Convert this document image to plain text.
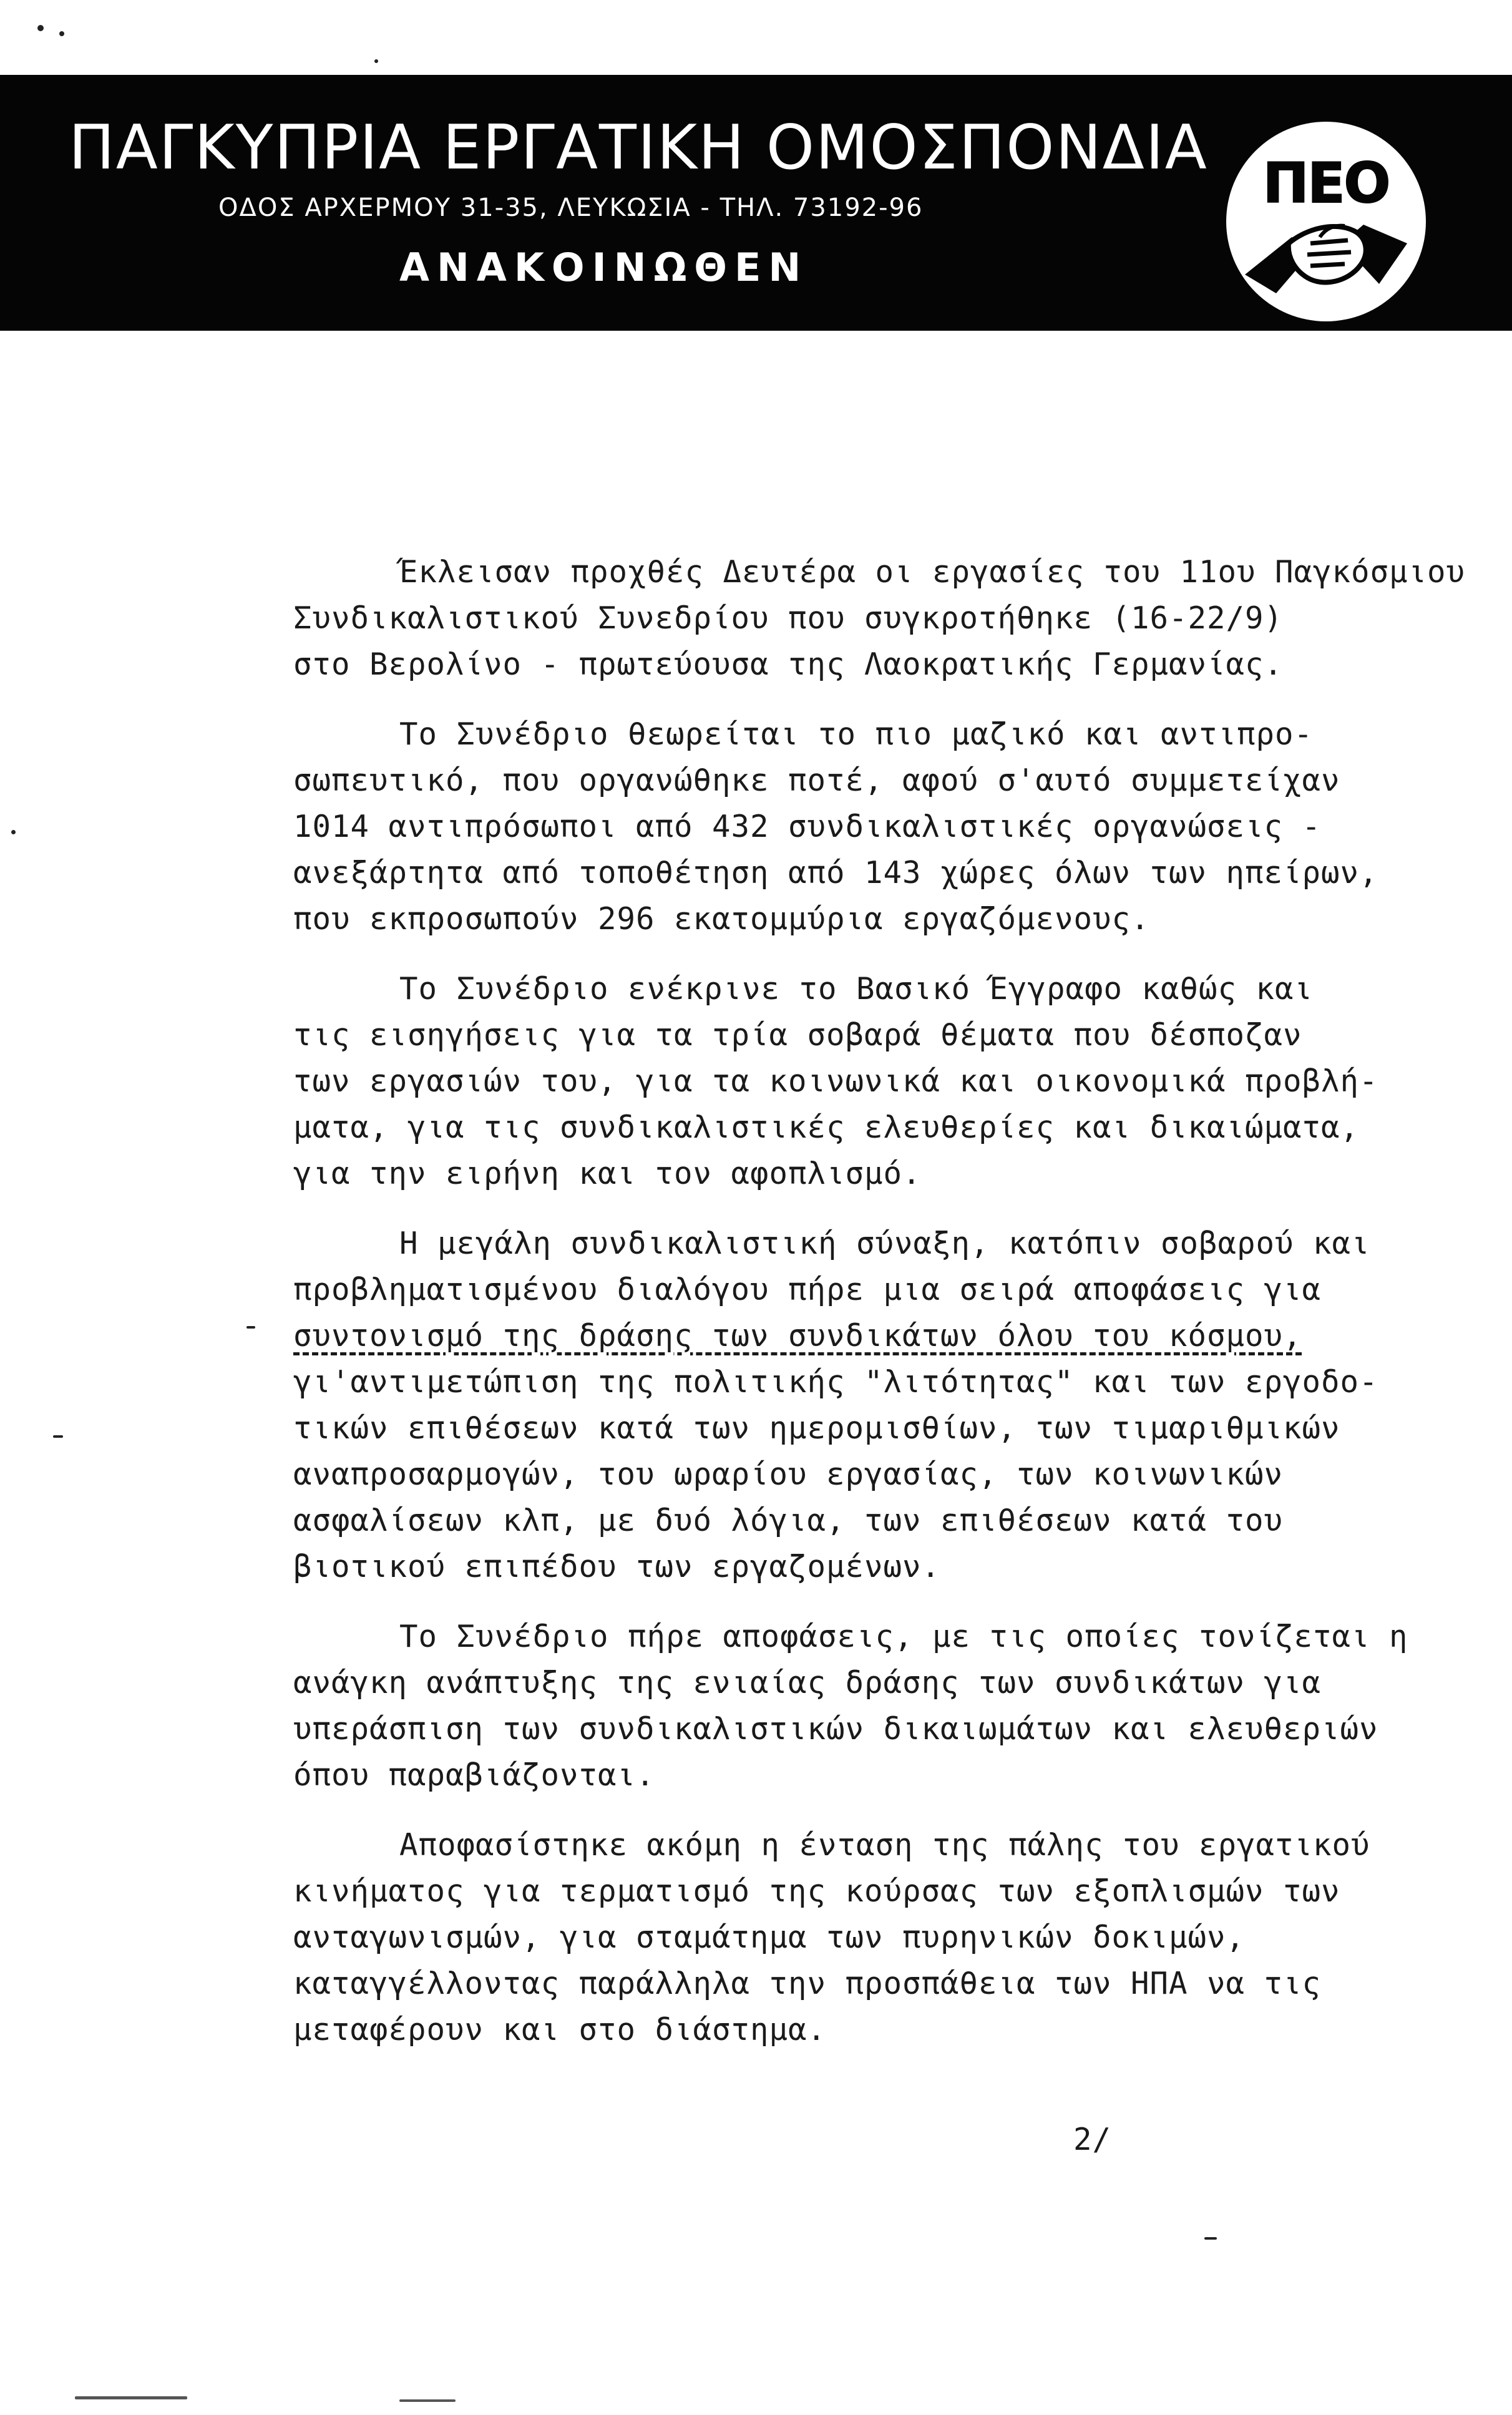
ΠΑΓΚΥΠΡΙΑ ΕΡΓΑΤΙΚΗ ΟΜΟΣΠΟΝΔΙΑ
ΟΔΟΣ ΑΡΧΕΡΜΟΥ 31-35, ΛΕΥΚΩΣΙΑ - ΤΗΛ. 73192-96
ΑΝΑΚΟΙΝΩΘΕΝ
ΠΕΟ
Έκλεισαν προχθές Δευτέρα οι εργασίες του 11ου Παγκόσμιου
Συνδικαλιστικού Συνεδρίου που συγκροτήθηκε (16-22/9)
στο Βερολίνο - πρωτεύουσα της Λαοκρατικής Γερμανίας.
Το Συνέδριο θεωρείται το πιο μαζικό και αντιπρο-
σωπευτικό, που οργανώθηκε ποτέ, αφού σ'αυτό συμμετείχαν
1014 αντιπρόσωποι από 432 συνδικαλιστικές οργανώσεις -
ανεξάρτητα από τοποθέτηση από 143 χώρες όλων των ηπείρων,
που εκπροσωπούν 296 εκατομμύρια εργαζόμενους.
Το Συνέδριο ενέκρινε το Βασικό Έγγραφο καθώς και
τις εισηγήσεις για τα τρία σοβαρά θέματα που δέσποζαν
των εργασιών του, για τα κοινωνικά και οικονομικά προβλή-
ματα, για τις συνδικαλιστικές ελευθερίες και δικαιώματα,
για την ειρήνη και τον αφοπλισμό.
Η μεγάλη συνδικαλιστική σύναξη, κατόπιν σοβαρού και
προβληματισμένου διαλόγου πήρε μια σειρά αποφάσεις για
συντονισμό της δράσης των συνδικάτων όλου του κόσμου,
γι'αντιμετώπιση της πολιτικής "λιτότητας" και των εργοδο-
τικών επιθέσεων κατά των ημερομισθίων, των τιμαριθμικών
αναπροσαρμογών, του ωραρίου εργασίας, των κοινωνικών
ασφαλίσεων κλπ, με δυό λόγια, των επιθέσεων κατά του
βιοτικού επιπέδου των εργαζομένων.
Το Συνέδριο πήρε αποφάσεις, με τις οποίες τονίζεται η
ανάγκη ανάπτυξης της ενιαίας δράσης των συνδικάτων για
υπεράσπιση των συνδικαλιστικών δικαιωμάτων και ελευθεριών
όπου παραβιάζονται.
Αποφασίστηκε ακόμη η ένταση της πάλης του εργατικού
κινήματος για τερματισμό της κούρσας των εξοπλισμών των
ανταγωνισμών, για σταμάτημα των πυρηνικών δοκιμών,
καταγγέλλοντας παράλληλα την προσπάθεια των ΗΠΑ να τις
μεταφέρουν και στο διάστημα.
2/
